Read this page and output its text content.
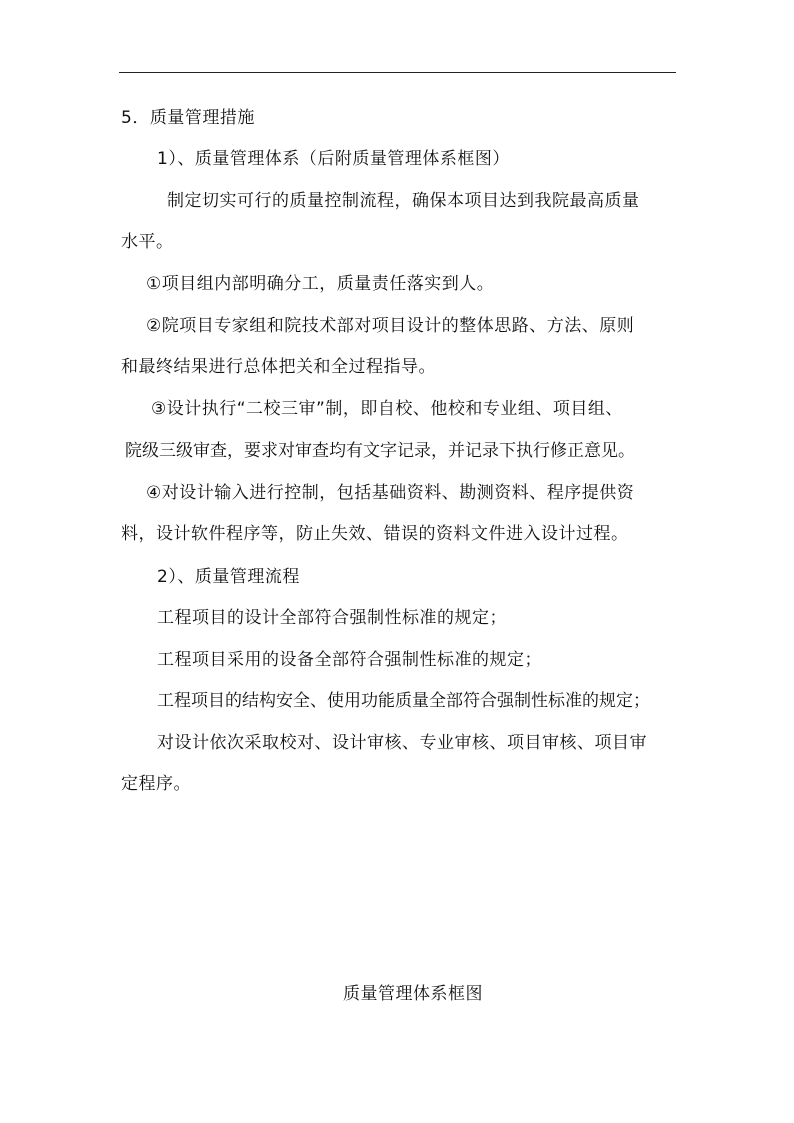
5．质量管理措施
1）、质量管理体系（后附质量管理体系框图）
制定切实可行的质量控制流程，确保本项目达到我院最高质量
水平。
①项目组内部明确分工，质量责任落实到人。
②院项目专家组和院技术部对项目设计的整体思路、方法、原则
和最终结果进行总体把关和全过程指导。
③设计执行“二校三审”制，即自校、他校和专业组、项目组、
院级三级审查，要求对审查均有文字记录，并记录下执行修正意见。
④对设计输入进行控制，包括基础资料、勘测资料、程序提供资
料，设计软件程序等，防止失效、错误的资料文件进入设计过程。
2）、质量管理流程
工程项目的设计全部符合强制性标准的规定；
工程项目采用的设备全部符合强制性标准的规定；
工程项目的结构安全、使用功能质量全部符合强制性标准的规定；
对设计依次采取校对、设计审核、专业审核、项目审核、项目审
定程序。
质量管理体系框图
